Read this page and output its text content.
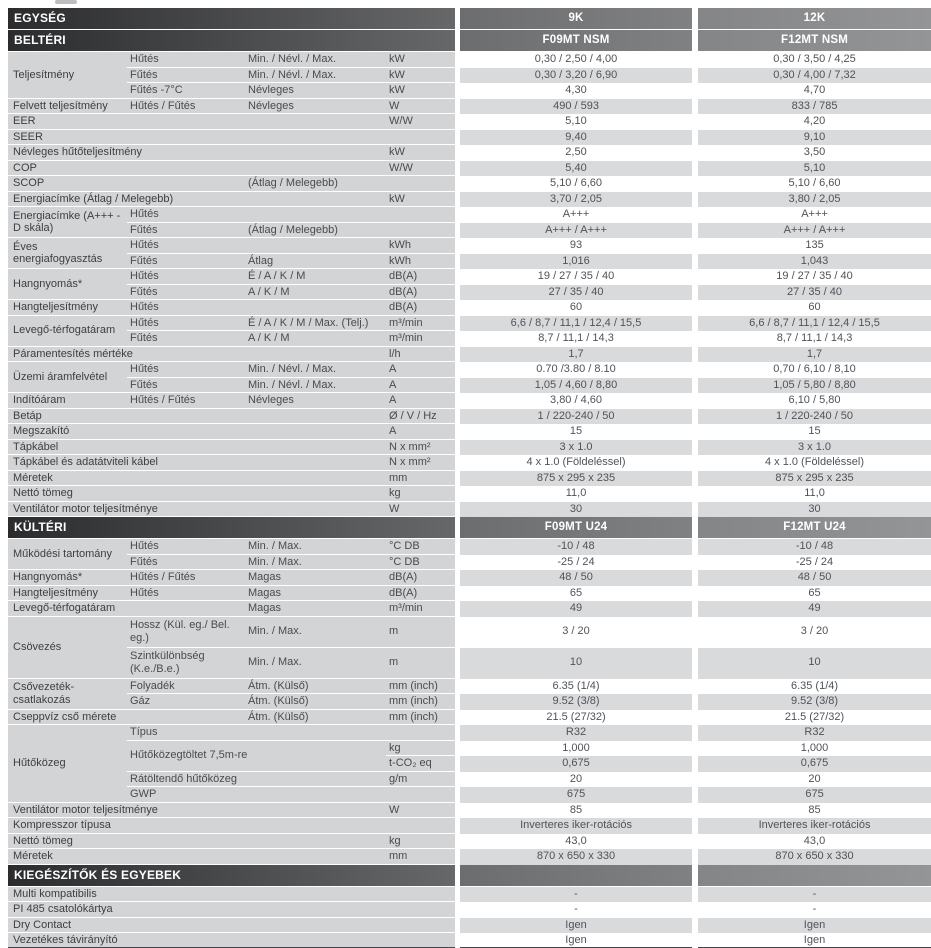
EGYSÉG					9K		12K
BELTÉRI					F09MT NSM		F12MT NSM
Teljesítmény	Hűtés	Min. / Névl. / Max.	kW		0,30 / 2,50 / 4,00		0,30 / 3,50 / 4,25
	Fűtés	Min. / Névl. / Max.	kW		0,30 / 3,20 / 6,90		0,30 / 4,00 / 7,32
	Fűtés -7°C	Névleges	kW		4,30		4,70
Felvett teljesítmény	Hűtés / Fűtés	Névleges	W		490 / 593		833 / 785
EER			W/W		5,10		4,20
SEER					9,40		9,10
Névleges hűtőteljesítmény			kW		2,50		3,50
COP			W/W		5,40		5,10
SCOP		(Átlag / Melegebb)			5,10 / 6,60		5,10 / 6,60
Energiacímke (Átlag / Melegebb)			kW		3,70 / 2,05		3,80 / 2,05
Energiacímke (A+++ - D skála)	Hűtés				A+++		A+++
	Fűtés	(Átlag / Melegebb)			A+++ / A+++		A+++ / A+++
Éves energiafogyasztás	Hűtés		kWh		93		135
	Fűtés	Átlag	kWh		1,016		1,043
Hangnyomás*	Hűtés	É / A / K / M	dB(A)		19 / 27 / 35 / 40		19 / 27 / 35 / 40
	Fűtés	A / K / M	dB(A)		27 / 35 / 40		27 / 35 / 40
Hangteljesítmény	Hűtés		dB(A)		60		60
Levegő-térfogatáram	Hűtés	É / A / K / M / Max. (Telj.)	m³/min		6,6 / 8,7 / 11,1 / 12,4 / 15,5		6,6 / 8,7 / 11,1 / 12,4 / 15,5
	Fűtés	A / K / M	m³/min		8,7 / 11,1 / 14,3		8,7 / 11,1 / 14,3
Páramentesítés mértéke			l/h		1,7		1,7
Üzemi áramfelvétel	Hűtés	Min. / Névl. / Max.	A		0.70 /3.80 / 8.10		0,70 / 6,10 / 8,10
	Fűtés	Min. / Névl. / Max.	A		1,05 / 4,60 / 8,80		1,05 / 5,80 / 8,80
Indítóáram	Hűtés / Fűtés	Névleges	A		3,80 / 4,60		6,10 / 5,80
Betáp			Ø / V / Hz		1 / 220-240 / 50		1 / 220-240 / 50
Megszakító			A		15		15
Tápkábel			N x mm²		3 x 1.0		3 x 1.0
Tápkábel és adatátviteli kábel			N x mm²		4 x 1.0 (Földeléssel)		4 x 1.0 (Földeléssel)
Méretek			mm		875 x 295 x 235		875 x 295 x 235
Nettó tömeg			kg		11,0		11,0
Ventilátor motor teljesítménye			W		30		30
KÜLTÉRI					F09MT U24		F12MT U24
Működési tartomány	Hűtés	Min. / Max.	°C DB		-10 / 48		-10 / 48
	Fűtés	Min. / Max.	°C DB		-25 / 24		-25 / 24
Hangnyomás*	Hűtés / Fűtés	Magas	dB(A)		48 / 50		48 / 50
Hangteljesítmény	Hűtés	Magas	dB(A)		65		65
Levegő-térfogatáram		Magas	m³/min		49		49
Csövezés	Hossz (Kül. eg./ Bel. eg.)	Min. / Max.	m		3 / 20		3 / 20
	Szintkülönbség (K.e./B.e.)	Min. / Max.	m		10		10
Csővezeték-csatlakozás	Folyadék	Átm. (Külső)	mm (inch)		6.35 (1/4)		6.35 (1/4)
	Gáz	Átm. (Külső)	mm (inch)		9.52 (3/8)		9.52 (3/8)
Cseppvíz cső mérete		Átm. (Külső)	mm (inch)		21.5 (27/32)		21.5 (27/32)
Hűtőközeg	Típus				R32		R32
	Hűtőközegtöltet 7,5m-re		kg		1,000		1,000
			t-CO₂ eq		0,675		0,675
	Rátöltendő hűtőközeg		g/m		20		20
	GWP				675		675
Ventilátor motor teljesítménye			W		85		85
Kompresszor típusa					Inverteres iker-rotációs		Inverteres iker-rotációs
Nettó tömeg			kg		43,0		43,0
Méretek			mm		870 x 650 x 330		870 x 650 x 330
KIEGÉSZÍTŐK ÉS EGYEBEK							
Multi kompatibilis					-		-
PI 485 csatolókártya					-		-
Dry Contact					Igen		Igen
Vezetékes távirányító					Igen		Igen
